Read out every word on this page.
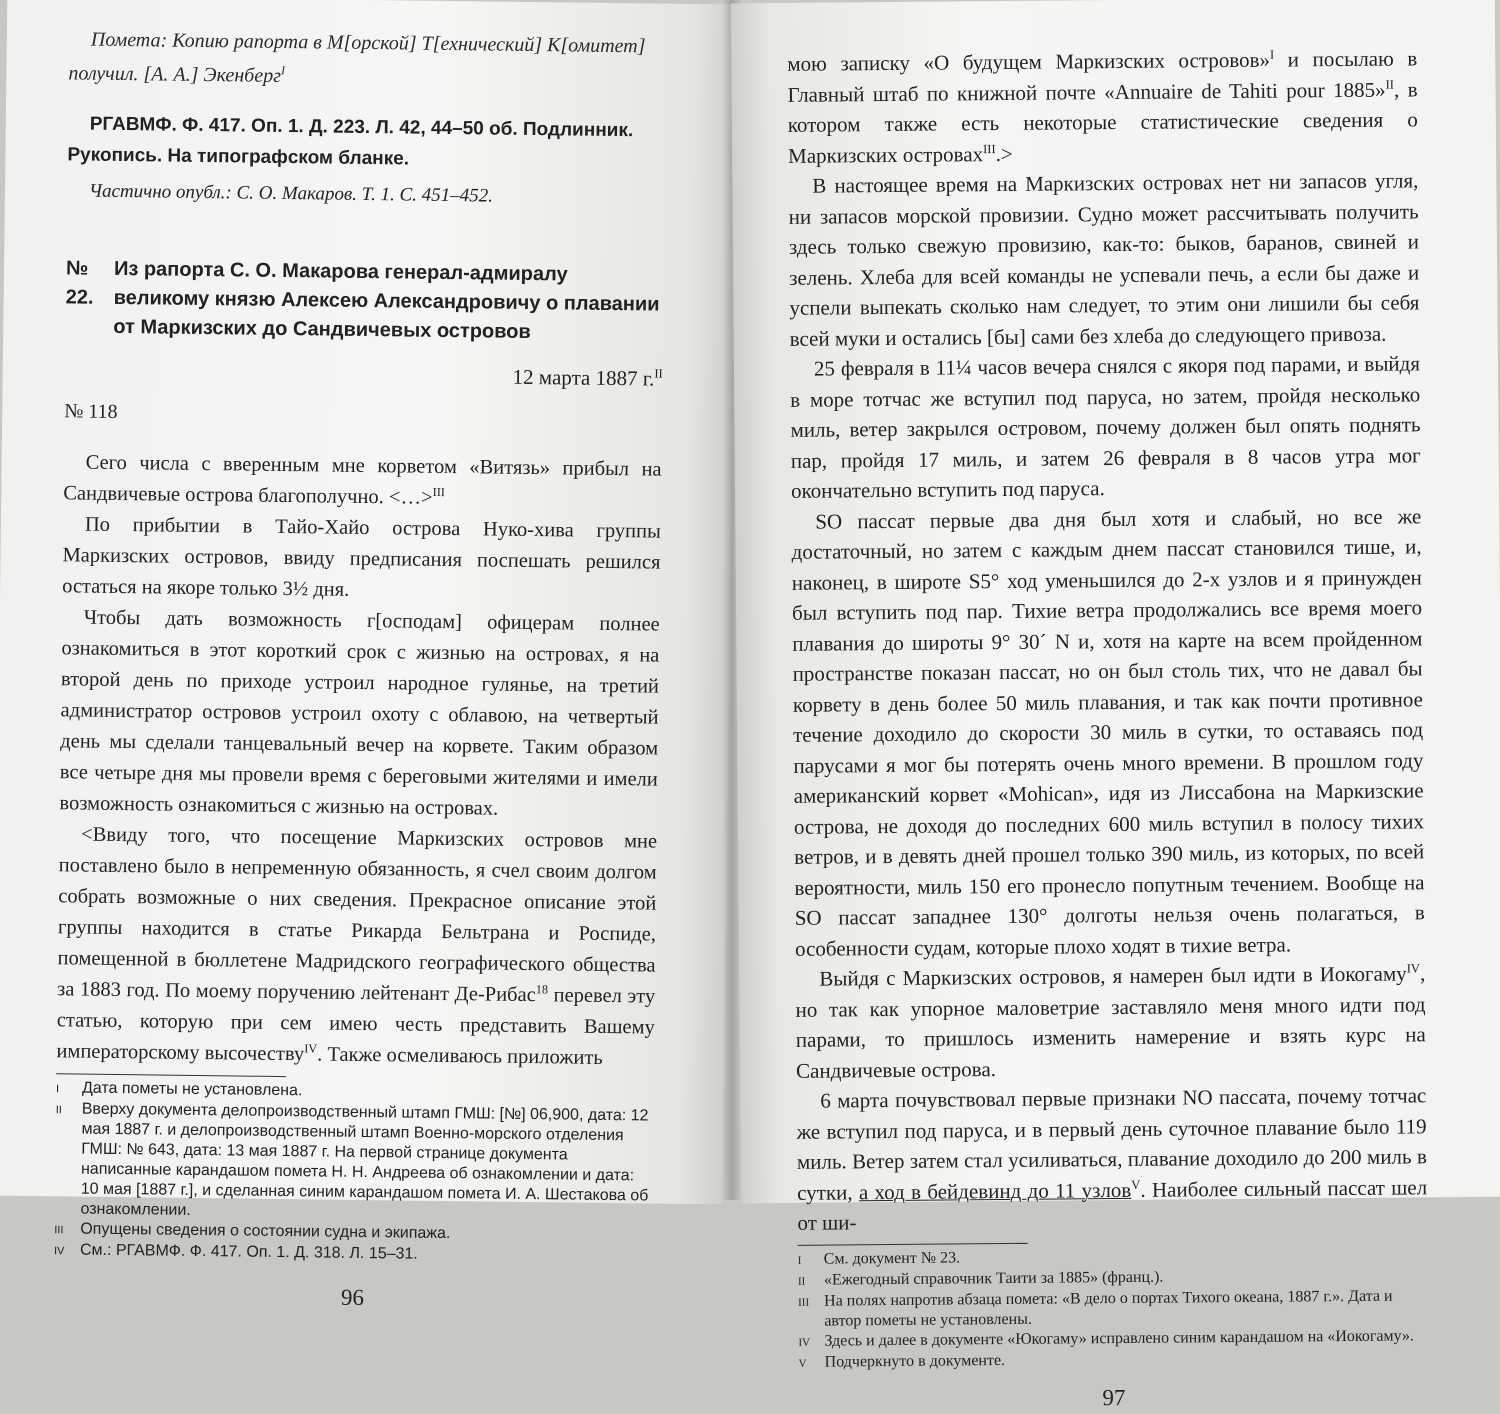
Помета: Копию рапорта в М[орской] Т[ехнический] К[омитет] получил. [А. А.] Экенберг$^I$

РГАВМФ. Ф. 417. Оп. 1. Д. 223. Л. 42, 44–50 об. Подлинник. Рукопись. На типографском бланке.

Частично опубл.: С. О. Макаров. Т. 1. С. 451–452.

№ 22.
Из рапорта С. О. Макарова генерал-адмиралу великому князю Алексею Александровичу о плавании от Маркизских до Сандвичевых островов
12 марта 1887 г.$^{II}$
№ 118

Сего числа с вверенным мне корветом «Витязь» прибыл на Сандвичевые острова благополучно. <…>$^{III}$

По прибытии в Тайо-Хайо острова Нуко-хива группы Маркизских островов, ввиду предписания поспешать решился остаться на якоре только 3½ дня.

Чтобы дать возможность г[осподам] офицерам полнее ознакомиться в этот короткий срок с жизнью на островах, я на второй день по приходе устроил народное гулянье, на третий администратор островов устроил охоту с облавою, на четвертый день мы сделали танцевальный вечер на корвете. Таким образом все четыре дня мы провели время с береговыми жителями и имели возможность ознакомиться с жизнью на островах.

<Ввиду того, что посещение Маркизских островов мне поставлено было в непременную обязанность, я счел своим долгом собрать возможные о них сведения. Прекрасное описание этой группы находится в статье Рикарда Бельтрана и Роспиде, помещенной в бюллетене Мадридского географического общества за 1883 год. По моему поручению лейтенант Де-Рибас$^{18}$ перевел эту статью, которую при сем имею честь представить Вашему императорскому высочеству$^{IV}$. Также осмеливаюсь приложить

I	Дата пометы не установлена.
II	Вверху документа делопроизводственный штамп ГМШ: [№] 06,900, дата: 12 мая 1887 г. и делопроизводственный штамп Военно-морского отделения ГМШ: № 643, дата: 13 мая 1887 г. На первой странице документа написанные карандашом помета Н. Н. Андреева об ознакомлении и дата: 10 мая [1887 г.], и сделанная синим карандашом помета И. А. Шестакова об ознакомлении.
III	Опущены сведения о состоянии судна и экипажа.
IV См.: РГАВМФ. Ф. 417. Оп. 1. Д. 318. Л. 15–31.
96

мою записку «О будущем Маркизских островов»$^I$ и посылаю в Главный штаб по книжной почте «Annuaire de Tahiti pour 1885»$^{II}$, в котором также есть некоторые статистические сведения о Маркизских островах$^{III}$.>

В настоящее время на Маркизских островах нет ни запасов угля, ни запасов морской провизии. Судно может рассчитывать получить здесь только свежую провизию, как-то: быков, баранов, свиней и зелень. Хлеба для всей команды не успевали печь, а если бы даже и успели выпекать сколько нам следует, то этим они лишили бы себя всей муки и остались [бы] сами без хлеба до следующего привоза.

25 февраля в 11¼ часов вечера снялся с якоря под парами, и выйдя в море тотчас же вступил под паруса, но затем, пройдя несколько миль, ветер закрылся островом, почему должен был опять поднять пар, пройдя 17 миль, и затем 26 февраля в 8 часов утра мог окончательно вступить под паруса.

SO пассат первые два дня был хотя и слабый, но все же достаточный, но затем с каждым днем пассат становился тише, и, наконец, в широте S5° ход уменьшился до 2-х узлов и я принужден был вступить под пар. Тихие ветра продолжались все время моего плавания до широты 9° 30´ N и, хотя на карте на всем пройденном пространстве показан пассат, но он был столь тих, что не давал бы корвету в день более 50 миль плавания, и так как почти противное течение доходило до скорости 30 миль в сутки, то оставаясь под парусами я мог бы потерять очень много времени. В прошлом году американский корвет «Mohican», идя из Лиссабона на Маркизские острова, не доходя до последних 600 миль вступил в полосу тихих ветров, и в девять дней прошел только 390 миль, из которых, по всей вероятности, миль 150 его пронесло попутным течением. Вообще на SO пассат западнее 130° долготы нельзя очень полагаться, в особенности судам, которые плохо ходят в тихие ветра.

Выйдя с Маркизских островов, я намерен был идти в Иокогаму$^{IV}$, но так как упорное маловетрие заставляло меня много идти под парами, то пришлось изменить намерение и взять курс на Сандвичевые острова.

6 марта почувствовал первые признаки NO пассата, почему тотчас же вступил под паруса, и в первый день суточное плавание было 119 миль. Ветер затем стал усиливаться, плавание доходило до 200 миль в сутки, а ход в бейдевинд до 11 узлов$^V$. Наиболее сильный пассат шел от ши-

I	См. документ № 23.
II	«Ежегодный справочник Таити за 1885» (франц.).
III На полях напротив абзаца помета: «В дело о портах Тихого океана, 1887 г.». Дата и автор пометы не установлены.
IV Здесь и далее в документе «Юкогаму» исправлено синим карандашом на «Иокогаму».
V	Подчеркнуто в документе.
97
